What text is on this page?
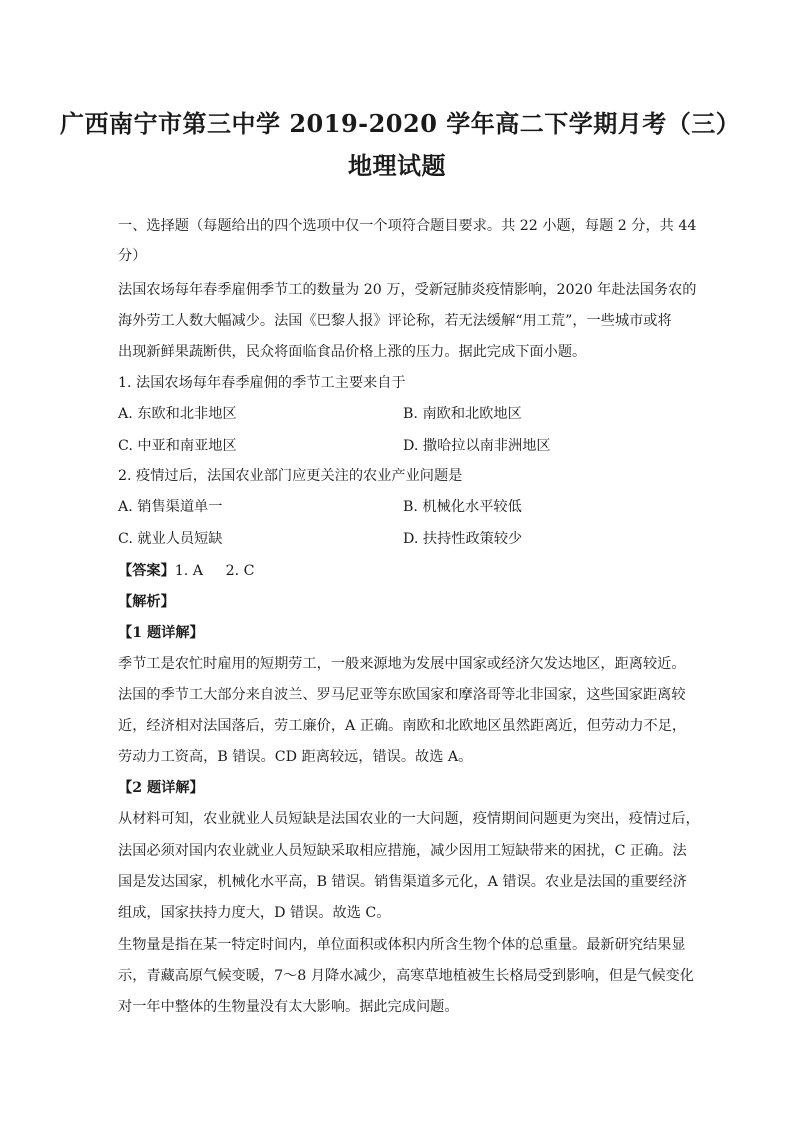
广西南宁市第三中学 2019-2020 学年高二下学期月考（三）
地理试题
一、选择题（每题给出的四个选项中仅一个项符合题目要求。共 22 小题，每题 2 分，共 44
分）
法国农场每年春季雇佣季节工的数量为 20 万，受新冠肺炎疫情影响，2020 年赴法国务农的
海外劳工人数大幅减少。法国《巴黎人报》评论称，若无法缓解“用工荒”，一些城市或将
出现新鲜果蔬断供，民众将面临食品价格上涨的压力。据此完成下面小题。
1. 法国农场每年春季雇佣的季节工主要来自于
A. 东欧和北非地区	B. 南欧和北欧地区
C. 中亚和南亚地区	D. 撒哈拉以南非洲地区
2. 疫情过后，法国农业部门应更关注的农业产业问题是
A. 销售渠道单一	B. 机械化水平较低
C. 就业人员短缺	D. 扶持性政策较少
【答案】1. A     2. C
【解析】
【1 题详解】
季节工是农忙时雇用的短期劳工，一般来源地为发展中国家或经济欠发达地区，距离较近。
法国的季节工大部分来自波兰、罗马尼亚等东欧国家和摩洛哥等北非国家，这些国家距离较
近，经济相对法国落后，劳工廉价，A 正确。南欧和北欧地区虽然距离近，但劳动力不足，
劳动力工资高，B 错误。CD 距离较远，错误。故选 A。
【2 题详解】
从材料可知，农业就业人员短缺是法国农业的一大问题，疫情期间问题更为突出，疫情过后，
法国必须对国内农业就业人员短缺采取相应措施，减少因用工短缺带来的困扰，C 正确。法
国是发达国家，机械化水平高，B 错误。销售渠道多元化，A 错误。农业是法国的重要经济
组成，国家扶持力度大，D 错误。故选 C。
生物量是指在某一特定时间内，单位面积或体积内所含生物个体的总重量。最新研究结果显
示，青藏高原气候变暖，7～8 月降水减少，高寒草地植被生长格局受到影响，但是气候变化
对一年中整体的生物量没有太大影响。据此完成问题。
